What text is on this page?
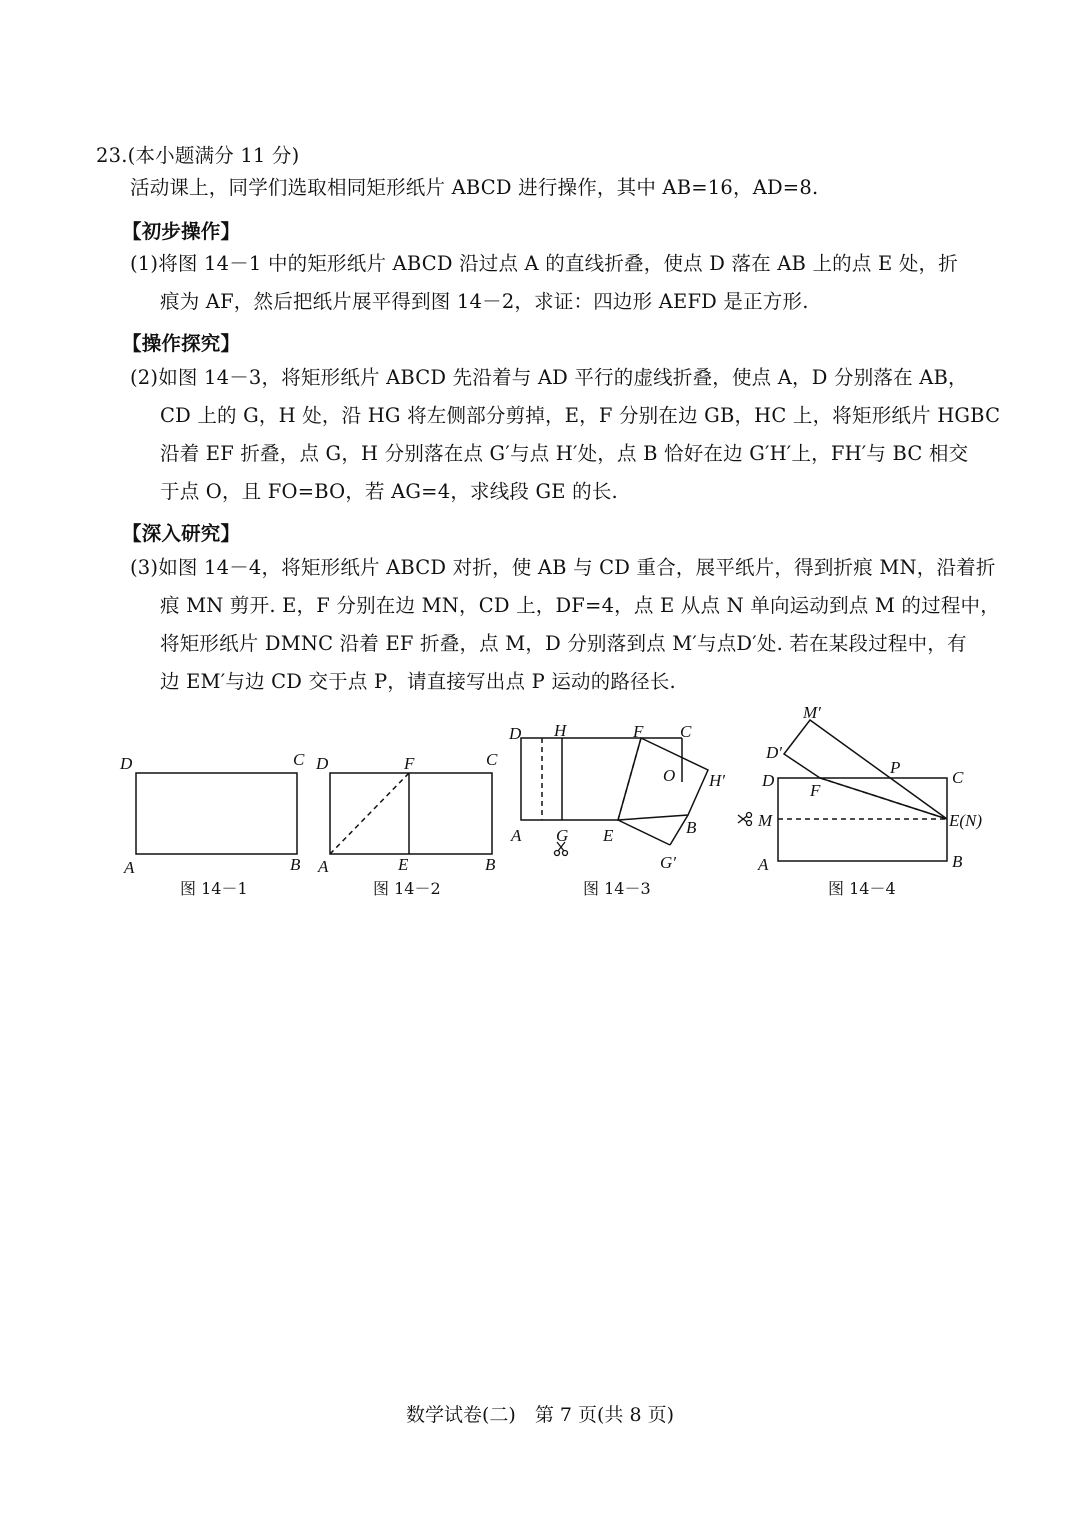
23.(本小题满分 11 分)
活动课上，同学们选取相同矩形纸片 ABCD 进行操作，其中 AB=16，AD=8.
【初步操作】
(1)将图 14－1 中的矩形纸片 ABCD 沿过点 A 的直线折叠，使点 D 落在 AB 上的点 E 处，折
痕为 AF，然后把纸片展平得到图 14－2，求证：四边形 AEFD 是正方形.
【操作探究】
(2)如图 14－3，将矩形纸片 ABCD 先沿着与 AD 平行的虚线折叠，使点 A，D 分别落在 AB，
CD 上的 G，H 处，沿 HG 将左侧部分剪掉，E，F 分别在边 GB，HC 上，将矩形纸片 HGBC
沿着 EF 折叠，点 G，H 分别落在点 G′与点 H′处，点 B 恰好在边 G′H′上，FH′与 BC 相交
于点 O，且 FO=BO，若 AG=4，求线段 GE 的长.
【深入研究】
(3)如图 14－4，将矩形纸片 ABCD 对折，使 AB 与 CD 重合，展平纸片，得到折痕 MN，沿着折
痕 MN 剪开. E，F 分别在边 MN，CD 上，DF=4，点 E 从点 N 单向运动到点 M 的过程中，
将矩形纸片 DMNC 沿着 EF 折叠，点 M，D 分别落到点 M′与点D′处. 若在某段过程中，有
边 EM′与边 CD 交于点 P，请直接写出点 P 运动的路径长.
D	C
A	B
D	F	C
A	E	B
D H	F C
O H′
A G E	B
G′
M′
D′
D
P
C
F
M	E(N)
A	B
图 14－1	图 14－2	图 14－3	图 14－4
数学试卷(二)　第 7 页(共 8 页)
